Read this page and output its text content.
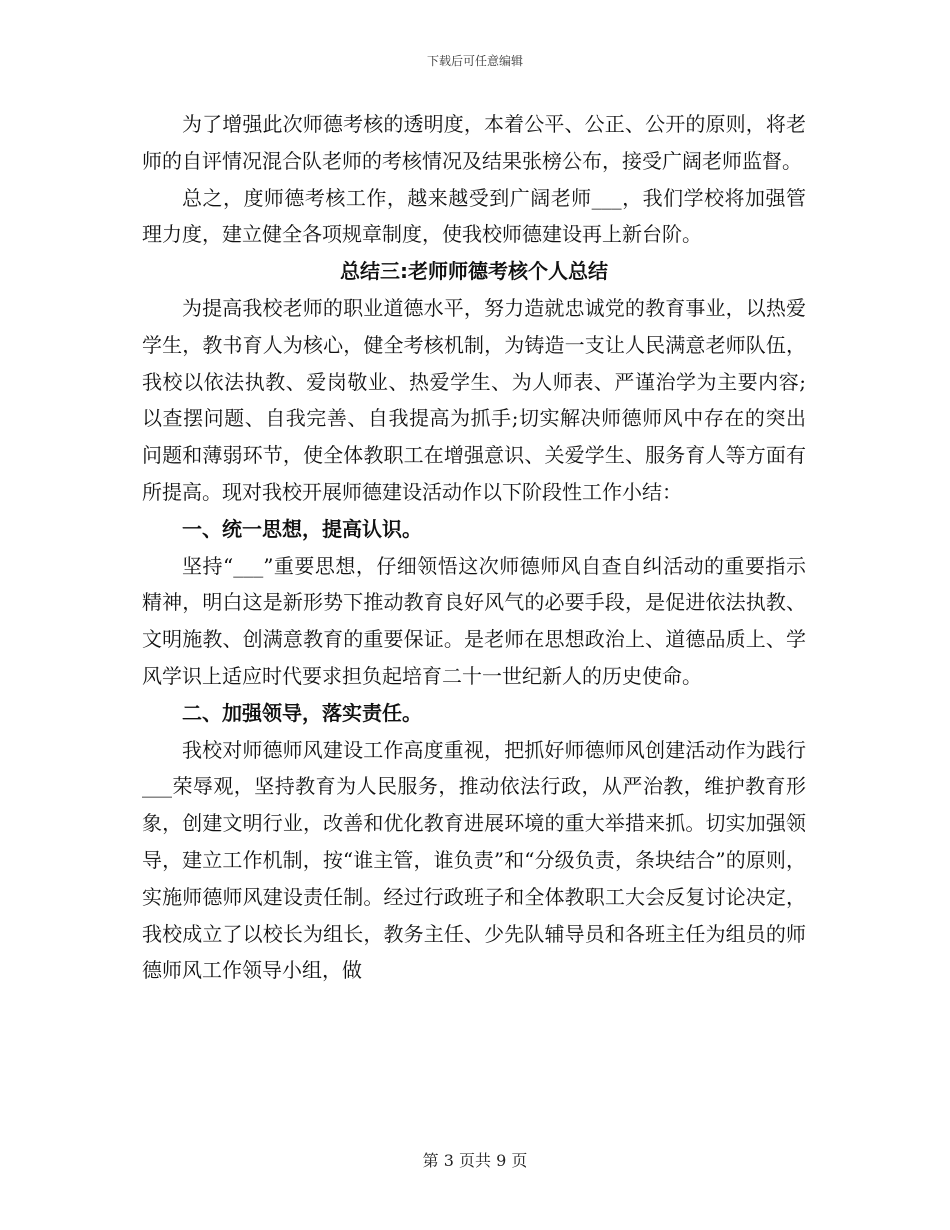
下载后可任意编辑

为了增强此次师德考核的透明度，本着公平、公正、公开的原则，将老师的自评情况混合队老师的考核情况及结果张榜公布，接受广阔老师监督。

总之，度师德考核工作，越来越受到广阔老师___，我们学校将加强管理力度，建立健全各项规章制度，使我校师德建设再上新台阶。

总结三:老师师德考核个人总结

为提高我校老师的职业道德水平，努力造就忠诚党的教育事业，以热爱学生，教书育人为核心，健全考核机制，为铸造一支让人民满意老师队伍，我校以依法执教、爱岗敬业、热爱学生、为人师表、严谨治学为主要内容;以查摆问题、自我完善、自我提高为抓手;切实解决师德师风中存在的突出问题和薄弱环节，使全体教职工在增强意识、关爱学生、服务育人等方面有所提高。现对我校开展师德建设活动作以下阶段性工作小结：

一、统一思想，提高认识。

坚持“___”重要思想，仔细领悟这次师德师风自查自纠活动的重要指示精神，明白这是新形势下推动教育良好风气的必要手段，是促进依法执教、文明施教、创满意教育的重要保证。是老师在思想政治上、道德品质上、学风学识上适应时代要求担负起培育二十一世纪新人的历史使命。

二、加强领导，落实责任。

我校对师德师风建设工作高度重视，把抓好师德师风创建活动作为践行___荣辱观，坚持教育为人民服务，推动依法行政，从严治教，维护教育形象，创建文明行业，改善和优化教育进展环境的重大举措来抓。切实加强领导，建立工作机制，按“谁主管，谁负责”和“分级负责，条块结合”的原则，实施师德师风建设责任制。经过行政班子和全体教职工大会反复讨论决定，我校成立了以校长为组长，教务主任、少先队辅导员和各班主任为组员的师德师风工作领导小组，做

第 3 页共 9 页
